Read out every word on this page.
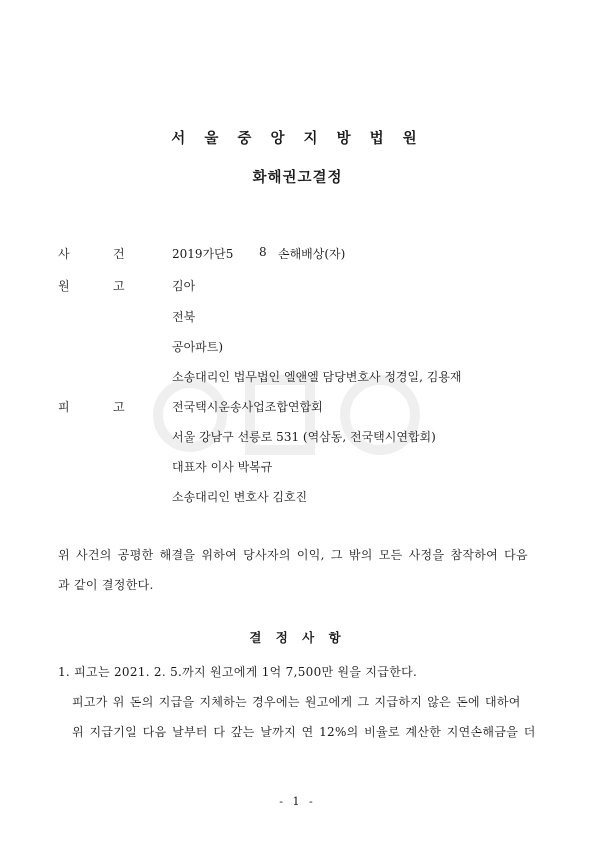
서 울 중 앙 지 방 법 원
화해권고결정
사	건	2019가단5 8 손해배상(자)
원	고	김아
전북
공아파트)
소송대리인 법무법인 엘앤엘 담당변호사 정경일, 김용재
피	고	전국택시운송사업조합연합회
서울 강남구 선릉로 531 (역삼동, 전국택시연합회)
대표자 이사 박복규
소송대리인 변호사 김호진
위 사건의 공평한 해결을 위하여 당사자의 이익, 그 밖의 모든 사정을 참작하여 다음
과 같이 결정한다.
결 정 사 항
1. 피고는 2021. 2. 5.까지 원고에게 1억 7,500만 원을 지급한다.
피고가 위 돈의 지급을 지체하는 경우에는 원고에게 그 지급하지 않은 돈에 대하여
위 지급기일 다음 날부터 다 갚는 날까지 연 12%의 비율로 계산한 지연손해금을 더
- 1 -
